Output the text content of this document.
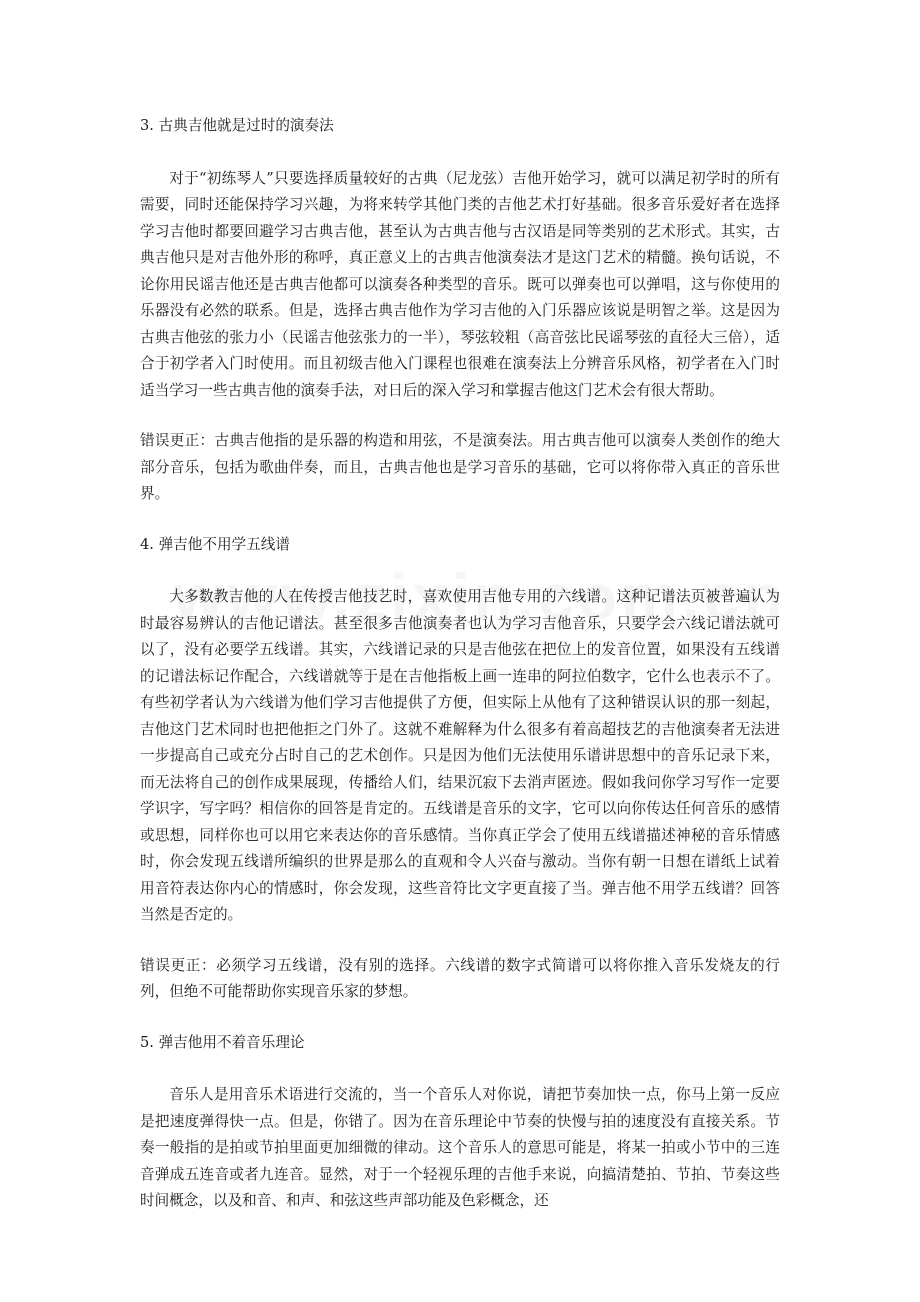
3. 古典吉他就是过时的演奏法
对于“初练琴人”只要选择质量较好的古典（尼龙弦）吉他开始学习，就可以满足初学时的所有需要，同时还能保持学习兴趣，为将来转学其他门类的吉他艺术打好基础。很多音乐爱好者在选择学习吉他时都要回避学习古典吉他，甚至认为古典吉他与古汉语是同等类别的艺术形式。其实，古典吉他只是对吉他外形的称呼，真正意义上的古典吉他演奏法才是这门艺术的精髓。换句话说，不论你用民谣吉他还是古典吉他都可以演奏各种类型的音乐。既可以弹奏也可以弹唱，这与你使用的乐器没有必然的联系。但是，选择古典吉他作为学习吉他的入门乐器应该说是明智之举。这是因为古典吉他弦的张力小（民谣吉他弦张力的一半），琴弦较粗（高音弦比民谣琴弦的直径大三倍），适合于初学者入门时使用。而且初级吉他入门课程也很难在演奏法上分辨音乐风格，初学者在入门时适当学习一些古典吉他的演奏手法，对日后的深入学习和掌握吉他这门艺术会有很大帮助。
错误更正：古典吉他指的是乐器的构造和用弦，不是演奏法。用古典吉他可以演奏人类创作的绝大部分音乐，包括为歌曲伴奏，而且，古典吉他也是学习音乐的基础，它可以将你带入真正的音乐世界。
4. 弹吉他不用学五线谱
大多数教吉他的人在传授吉他技艺时，喜欢使用吉他专用的六线谱。这种记谱法页被普遍认为时最容易辨认的吉他记谱法。甚至很多吉他演奏者也认为学习吉他音乐，只要学会六线记谱法就可以了，没有必要学五线谱。其实，六线谱记录的只是吉他弦在把位上的发音位置，如果没有五线谱的记谱法标记作配合，六线谱就等于是在吉他指板上画一连串的阿拉伯数字，它什么也表示不了。有些初学者认为六线谱为他们学习吉他提供了方便，但实际上从他有了这种错误认识的那一刻起，吉他这门艺术同时也把他拒之门外了。这就不难解释为什么很多有着高超技艺的吉他演奏者无法进一步提高自己或充分占时自己的艺术创作。只是因为他们无法使用乐谱讲思想中的音乐记录下来，而无法将自己的创作成果展现，传播给人们，结果沉寂下去消声匿迹。假如我问你学习写作一定要学识字，写字吗？相信你的回答是肯定的。五线谱是音乐的文字，它可以向你传达任何音乐的感情或思想，同样你也可以用它来表达你的音乐感情。当你真正学会了使用五线谱描述神秘的音乐情感时，你会发现五线谱所编织的世界是那么的直观和令人兴奋与激动。当你有朝一日想在谱纸上试着用音符表达你内心的情感时，你会发现，这些音符比文字更直接了当。弹吉他不用学五线谱？回答当然是否定的。
错误更正：必须学习五线谱，没有别的选择。六线谱的数字式简谱可以将你推入音乐发烧友的行列，但绝不可能帮助你实现音乐家的梦想。
5. 弹吉他用不着音乐理论
音乐人是用音乐术语进行交流的，当一个音乐人对你说，请把节奏加快一点，你马上第一反应是把速度弹得快一点。但是，你错了。因为在音乐理论中节奏的快慢与拍的速度没有直接关系。节奏一般指的是拍或节拍里面更加细微的律动。这个音乐人的意思可能是，将某一拍或小节中的三连音弹成五连音或者九连音。显然，对于一个轻视乐理的吉他手来说，向搞清楚拍、节拍、节奏这些时间概念，以及和音、和声、和弦这些声部功能及色彩概念，还
